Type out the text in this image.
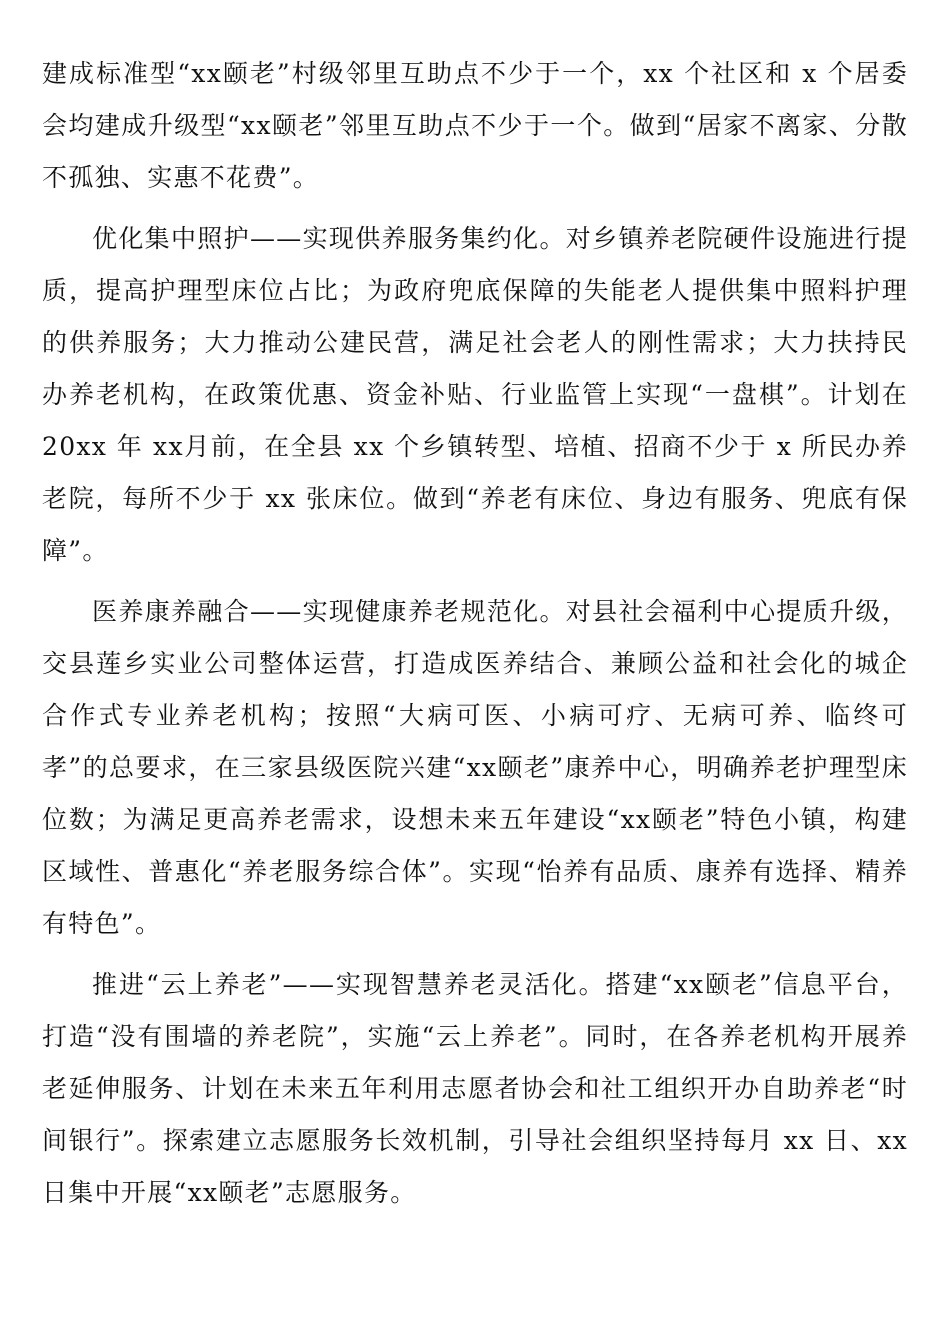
建成标准型“xx颐老”村级邻里互助点不少于一个，xx 个社区和 x 个居委会均建成升级型“xx颐老”邻里互助点不少于一个。做到“居家不离家、分散不孤独、实惠不花费”。

优化集中照护——实现供养服务集约化。对乡镇养老院硬件设施进行提质，提高护理型床位占比；为政府兜底保障的失能老人提供集中照料护理的供养服务；大力推动公建民营，满足社会老人的刚性需求；大力扶持民办养老机构，在政策优惠、资金补贴、行业监管上实现“一盘棋”。计划在 20xx 年 xx月前，在全县 xx 个乡镇转型、培植、招商不少于 x 所民办养老院，每所不少于 xx 张床位。做到“养老有床位、身边有服务、兜底有保障”。

医养康养融合——实现健康养老规范化。对县社会福利中心提质升级，交县莲乡实业公司整体运营，打造成医养结合、兼顾公益和社会化的城企合作式专业养老机构；按照“大病可医、小病可疗、无病可养、临终可孝”的总要求，在三家县级医院兴建“xx颐老”康养中心，明确养老护理型床位数；为满足更高养老需求，设想未来五年建设“xx颐老”特色小镇，构建区域性、普惠化“养老服务综合体”。实现“怡养有品质、康养有选择、精养有特色”。

推进“云上养老”——实现智慧养老灵活化。搭建“xx颐老”信息平台，打造“没有围墙的养老院”，实施“云上养老”。同时，在各养老机构开展养老延伸服务、计划在未来五年利用志愿者协会和社工组织开办自助养老“时间银行”。探索建立志愿服务长效机制，引导社会组织坚持每月 xx 日、xx 日集中开展“xx颐老”志愿服务。
